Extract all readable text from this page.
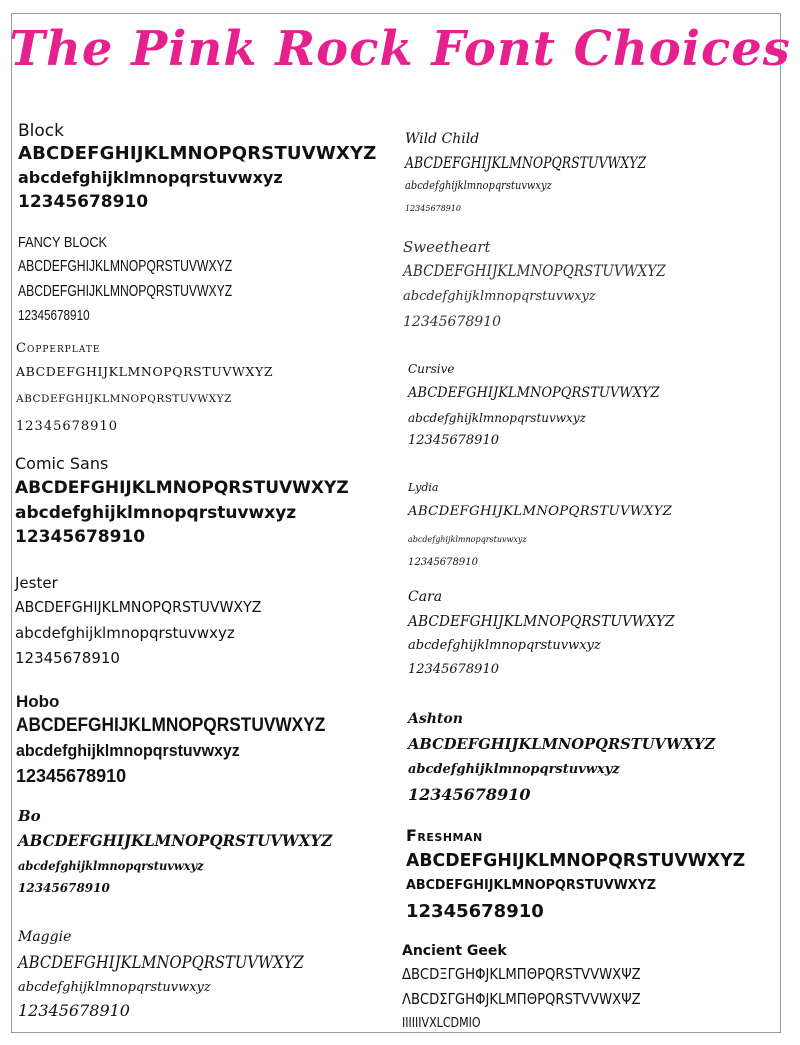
The Pink Rock Font Choices
Block
ABCDEFGHIJKLMNOPQRSTUVWXYZ
abcdefghijklmnopqrstuvwxyz
12345678910
FANCY BLOCK
ABCDEFGHIJKLMNOPQRSTUVWXYZ
ABCDEFGHIJKLMNOPQRSTUVWXYZ
12345678910
Copperplate
ABCDEFGHIJKLMNOPQRSTUVWXYZ
ABCDEFGHIJKLMNOPQRSTUVWXYZ
12345678910
Comic Sans
ABCDEFGHIJKLMNOPQRSTUVWXYZ
abcdefghijklmnopqrstuvwxyz
12345678910
Jester
ABCDEFGHIJKLMNOPQRSTUVWXYZ
abcdefghijklmnopqrstuvwxyz
12345678910
Hobo
ABCDEFGHIJKLMNOPQRSTUVWXYZ
abcdefghijklmnopqrstuvwxyz
12345678910
Bo
ABCDEFGHIJKLMNOPQRSTUVWXYZ
abcdefghijklmnopqrstuvwxyz
12345678910
Maggie
ABCDEFGHIJKLMNOPQRSTUVWXYZ
abcdefghijklmnopqrstuvwxyz
12345678910
Wild Child
ABCDEFGHIJKLMNOPQRSTUVWXYZ
abcdefghijklmnopqrstuvwxyz
12345678910
Sweetheart
ABCDEFGHIJKLMNOPQRSTUVWXYZ
abcdefghijklmnopqrstuvwxyz
12345678910
Cursive
ABCDEFGHIJKLMNOPQRSTUVWXYZ
abcdefghijklmnopqrstuvwxyz
12345678910
Lydia
ABCDEFGHIJKLMNOPQRSTUVWXYZ
abcdefghijklmnopqrstuvwxyz
12345678910
Cara
ABCDEFGHIJKLMNOPQRSTUVWXYZ
abcdefghijklmnopqrstuvwxyz
12345678910
Ashton
ABCDEFGHIJKLMNOPQRSTUVWXYZ
abcdefghijklmnopqrstuvwxyz
12345678910
Freshman
ABCDEFGHIJKLMNOPQRSTUVWXYZ
ABCDEFGHIJKLMNOPQRSTUVWXYZ
12345678910
Ancient Geek
ΔBCDΞΓGHΦJKLMΠΘPQRSTVVWXΨZ
ΛBCDΣΓGHΦJKLMΠΘPQRSTVVWXΨZ
IIIIIIVXLCDMIO
